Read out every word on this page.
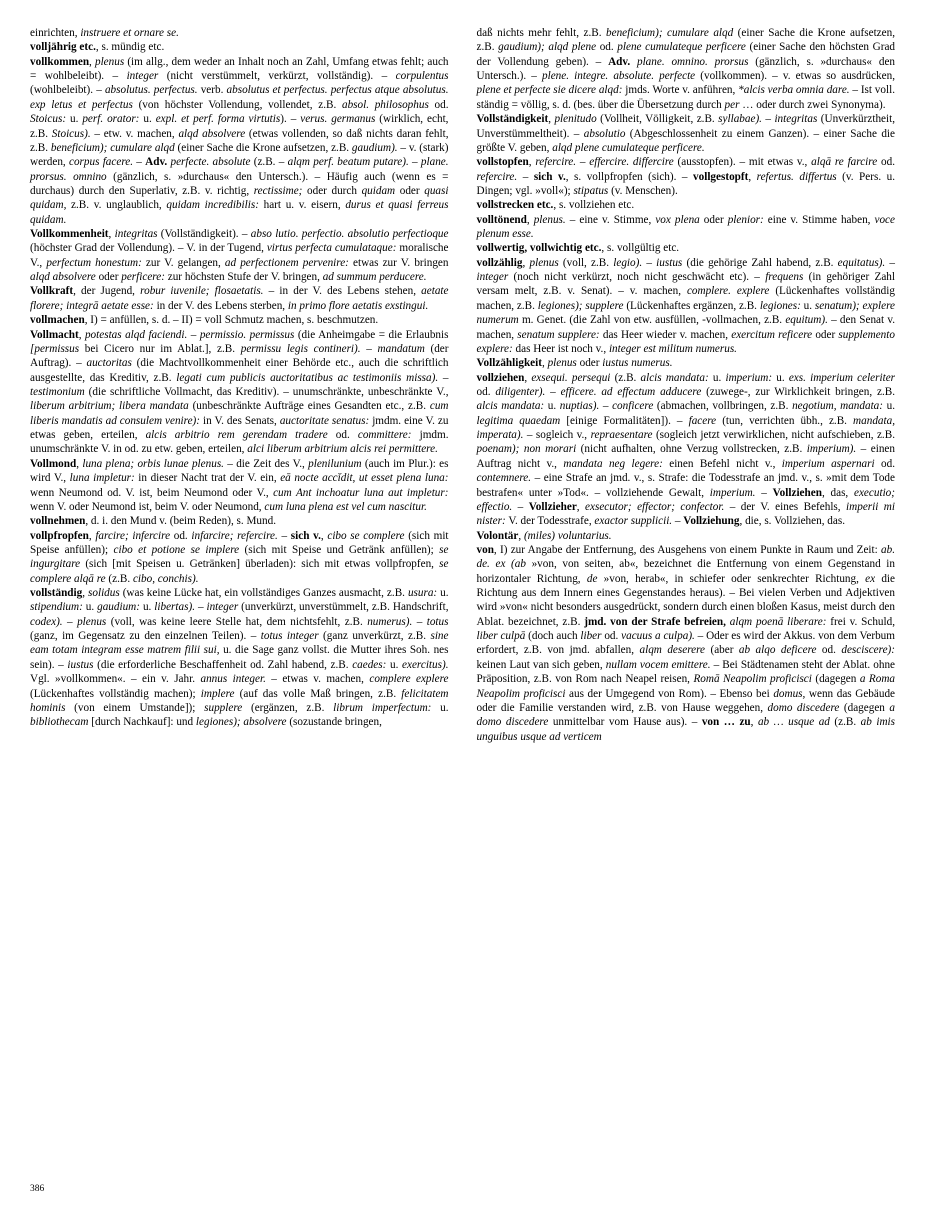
einrichten, instruere et ornare se.

volljährig etc., s. mündig etc.

vollkommen, plenus (im allg., dem weder an Inhalt noch an Zahl, Umfang etwas fehlt; auch = wohlbeleibt). – integer (nicht verstümmelt, verkürzt, vollständig). – corpulentus (wohlbeleibt). – absolutus. perfectus. verb. absolutus et perfectus. perfectus atque absolutus. exp letus et perfectus (von höchster Vollendung, vollendet, z.B. absol. philosophus od. Stoicus: u. perf. orator: u. expl. et perf. forma virtutis). – verus. germanus (wirklich, echt, z.B. Stoicus). – etw. v. machen, alqd absolvere (etwas vollenden, so daß nichts daran fehlt, z.B. beneficium); cumulare alqd (einer Sache die Krone aufsetzen, z.B. gaudium). – v. (stark) werden, corpus facere. – Adv. perfecte. absolute (z.B. – alqm perf. beatum putare). – plane. prorsus. omnino (gänzlich, s. »durchaus« den Untersch.). – Häufig auch (wenn es = durchaus) durch den Superlativ, z.B. v. richtig, rectissime; oder durch quidam oder quasi quidam, z.B. v. unglaublich, quidam incredibilis: hart u. v. eisern, durus et quasi ferreus quidam.

Vollkommenheit, integritas (Vollständigkeit). – abso lutio. perfectio. absolutio perfectioque (höchster Grad der Vollendung). – V. in der Tugend, virtus perfecta cumulataque: moralische V., perfectum honestum: zur V. gelangen, ad perfectionem pervenire: etwas zur V. bringen alqd absolvere oder perficere: zur höchsten Stufe der V. bringen, ad summum perducere.

Vollkraft, der Jugend, robur iuvenile; flosaetatis. – in der V. des Lebens stehen, aetate florere; integrā aetate esse: in der V. des Lebens sterben, in primo flore aetatis exstingui.

vollmachen, I) = anfüllen, s. d. – II) = voll Schmutz machen, s. beschmutzen.

Vollmacht, potestas alqd faciendi. – permissio. permissus (die Anheimgabe = die Erlaubnis [permissus bei Cicero nur im Ablat.], z.B. permissu legis contineri). – mandatum (der Auftrag). – auctoritas (die Machtvollkommenheit einer Behörde etc., auch die schriftlich ausgestellte, das Kreditiv, z.B. legati cum publicis auctoritatibus ac testimoniis missa). – testimonium (die schriftliche Vollmacht, das Kreditiv). – unumschränkte, unbeschränkte V., liberum arbitrium; libera mandata (unbeschränkte Aufträge eines Gesandten etc., z.B. cum liberis mandatis ad consulem venire): in V. des Senats, auctoritate senatus: jmdm. eine V. zu etwas geben, erteilen, alcis arbitrio rem gerendam tradere od. committere: jmdm. unumschränkte V. in od. zu etw. geben, erteilen, alci liberum arbitrium alcis rei permittere.

Vollmond, luna plena; orbis lunae plenus. – die Zeit des V., plenilunium (auch im Plur.): es wird V., luna impletur: in dieser Nacht trat der V. ein, eā nocte accĭdit, ut esset plena luna: wenn Neumond od. V. ist, beim Neumond oder V., cum Ant inchoatur luna aut impletur: wenn V. oder Neumond ist, beim V. oder Neumond, cum luna plena est vel cum nascitur.

vollnehmen, d. i. den Mund v. (beim Reden), s. Mund.

vollpfropfen, farcire; infercire od. infarcire; refercire. – sich v., cibo se complere (sich mit Speise anfüllen); cibo et potione se implere (sich mit Speise und Getränk anfüllen); se ingurgitare (sich [mit Speisen u. Getränken] überladen): sich mit etwas vollpfropfen, se complere alqā re (z.B. cibo, conchis).

vollständig, solidus (was keine Lücke hat, ein vollständiges Ganzes ausmacht, z.B. usura: u. stipendium: u. gaudium: u. libertas). – integer (unverkürzt, unverstümmelt, z.B. Handschrift, codex). – plenus (voll, was keine leere Stelle hat, dem nichtsfehlt, z.B. numerus). – totus (ganz, im Gegensatz zu den einzelnen Teilen). – totus integer (ganz unverkürzt, z.B. sine eam totam integram esse matrem filii sui, u. die Sage ganz vollst. die Mutter ihres Soh. nes sein). – iustus (die erforderliche Beschaffenheit od. Zahl habend, z.B. caedes: u. exercitus). Vgl. »vollkommen«. – ein v. Jahr. annus integer. – etwas v. machen, complere explere (Lückenhaftes vollständig machen); implere (auf das volle Maß bringen, z.B. felicitatem hominis (von einem Umstande]); supplere (ergänzen, z.B. librum imperfectum: u. bibliothecam [durch Nachkauf]: und legiones); absolvere (sozustande bringen,

daß nichts mehr fehlt, z.B. beneficium); cumulare alqd (einer Sache die Krone aufsetzen, z.B. gaudium); alqd plene od. plene cumulateque perficere (einer Sache den höchsten Grad der Vollendung geben). – Adv. plane. omnino. prorsus (gänzlich, s. »durchaus« den Untersch.). – plene. integre. absolute. perfecte (vollkommen). – v. etwas so ausdrücken, plene et perfecte sie dicere alqd: jmds. Worte v. anführen, *alcis verba omnia dare. – Ist voll. ständig = völlig, s. d. (bes. über die Übersetzung durch per … oder durch zwei Synonyma).

Vollständigkeit, plenitudo (Vollheit, Völligkeit, z.B. syllabae). – integritas (Unverkürztheit, Unverstümmeltheit). – absolutio (Abgeschlossenheit zu einem Ganzen). – einer Sache die größte V. geben, alqd plene cumulateque perficere.

vollstopfen, refercire. – effercire. differcire (ausstopfen). – mit etwas v., alqā re farcire od. refercire. – sich v., s. vollpfropfen (sich). – vollgestopft, refertus. differtus (v. Pers. u. Dingen; vgl. »voll«); stipatus (v. Menschen).

vollstrecken etc., s. vollziehen etc.

volltönend, plenus. – eine v. Stimme, vox plena oder plenior: eine v. Stimme haben, voce plenum esse.

vollwertig, vollwichtig etc., s. vollgültig etc.

vollzählig, plenus (voll, z.B. legio). – iustus (die gehörige Zahl habend, z.B. equitatus). – integer (noch nicht verkürzt, noch nicht geschwächt etc). – frequens (in gehöriger Zahl versam melt, z.B. v. Senat). – v. machen, complere. explere (Lückenhaftes vollständig machen, z.B. legiones); supplere (Lückenhaftes ergänzen, z.B. legiones: u. senatum); explere numerum m. Genet. (die Zahl von etw. ausfüllen, -vollmachen, z.B. equitum). – den Senat v. machen, senatum supplere: das Heer wieder v. machen, exercitum reficere oder supplemento explere: das Heer ist noch v., integer est militum numerus.

Vollzähligkeit, plenus oder iustus numerus.

vollziehen, exsequi. persequi (z.B. alcis mandata: u. imperium: u. exs. imperium celeriter od. diligenter). – efficere. ad effectum adducere (zuwege-, zur Wirklichkeit bringen, z.B. alcis mandata: u. nuptias). – conficere (abmachen, vollbringen, z.B. negotium, mandata: u. legitima quaedam [einige Formalitäten]). – facere (tun, verrichten übh., z.B. mandata, imperata). – sogleich v., repraesentare (sogleich jetzt verwirklichen, nicht aufschieben, z.B. poenam); non morari (nicht aufhalten, ohne Verzug vollstrecken, z.B. imperium). – einen Auftrag nicht v., mandata neg legere: einen Befehl nicht v., imperium aspernari od. contemnere. – eine Strafe an jmd. v., s. Strafe: die Todesstrafe an jmd. v., s. »mit dem Tode bestrafen« unter »Tod«. – vollziehende Gewalt, imperium. – Vollziehen, das, executio; effectio. – Vollzieher, exsecutor; effector; confector. – der V. eines Befehls, imperii mi nister: V. der Todesstrafe, exactor supplicii. – Vollziehung, die, s. Vollziehen, das.

Volontär, (miles) voluntarius.

von, I) zur Angabe der Entfernung, des Ausgehens von einem Punkte in Raum und Zeit: ab. de. ex (ab »von, von seiten, ab«, bezeichnet die Entfernung von einem Gegenstand in horizontaler Richtung, de »von, herab«, in schiefer oder senkrechter Richtung, ex die Richtung aus dem Innern eines Gegenstandes heraus). – Bei vielen Verben und Adjektiven wird »von« nicht besonders ausgedrückt, sondern durch einen bloßen Kasus, meist durch den Ablat. bezeichnet, z.B. jmd. von der Strafe befreien, alqm poenā liberare: frei v. Schuld, liber culpā (doch auch liber od. vacuus a culpa). – Oder es wird der Akkus. von dem Verbum erfordert, z.B. von jmd. abfallen, alqm deserere (aber ab alqo deficere od. desciscere): keinen Laut van sich geben, nullam vocem emittere. – Bei Städtenamen steht der Ablat. ohne Präposition, z.B. von Rom nach Neapel reisen, Romā Neapolim proficisci (dagegen a Roma Neapolim proficisci aus der Umgegend von Rom). – Ebenso bei domus, wenn das Gebäude oder die Familie verstanden wird, z.B. von Hause weggehen, domo discedere (dagegen a domo discedere unmittelbar vom Hause aus). – von … zu, ab … usque ad (z.B. ab imis unguibus usque ad verticem

386
